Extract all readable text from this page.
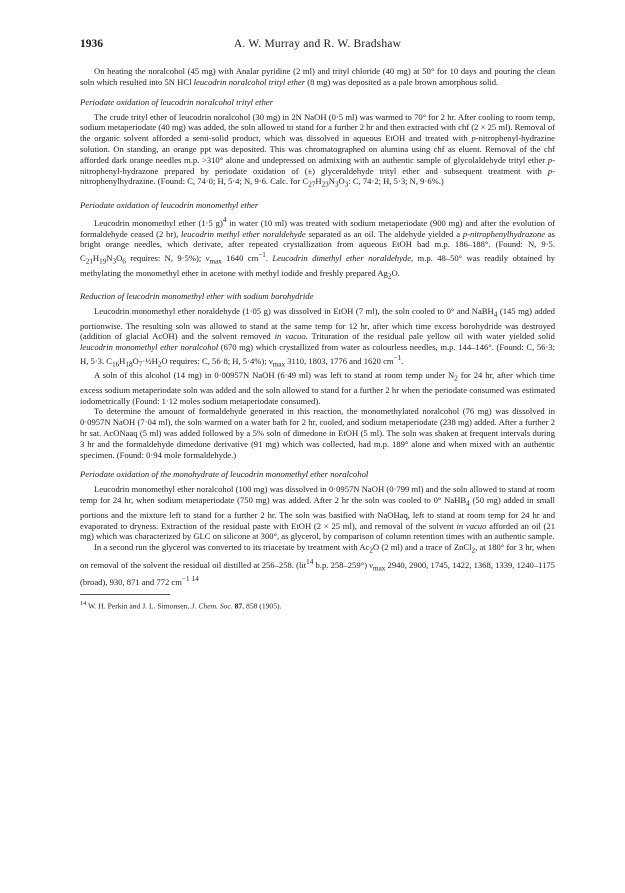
1936	A. W. Murray and R. W. Bradshaw

On heating the noralcohol (45 mg) with Analar pyridine (2 ml) and trityl chloride (40 mg) at 50° for 10 days and pouring the clean soln which resulted into 5N HCl leucodrin noralcohol trityl ether (8 mg) was deposited as a pale brown amorphous solid.

Periodate oxidation of leucodrin noralcohol trityl ether

The crude trityl ether of leucodrin noralcohol (30 mg) in 2N NaOH (0·5 ml) was warmed to 70° for 2 hr. After cooling to room temp, sodium metaperiodate (40 mg) was added, the soln allowed to stand for a further 2 hr and then extracted with chf (2 × 25 ml). Removal of the organic solvent afforded a semi-solid product, which was dissolved in aqueous EtOH and treated with p-nitrophenyl-hydrazine solution. On standing, an orange ppt was deposited. This was chromatographed on alumina using chf as eluent. Removal of the chf afforded dark orange needles m.p. >310° alone and undepressed on admixing with an authentic sample of glycolaldehyde trityl ether p-nitrophenyl-hydrazone prepared by periodate oxidation of (±) glyceraldehyde trityl ether and subsequent treatment with p-nitrophenylhydrazine. (Found: C, 74·0; H, 5·4; N, 9·6. Calc. for $C_{27}H_{23}N_3O_3$: C, 74·2; H, 5·3; N, 9·6%.)

Periodate oxidation of leucodrin monomethyl ether

Leucodrin monomethyl ether (1·5 g)$^4$ in water (10 ml) was treated with sodium metaperiodate (900 mg) and after the evolution of formaldehyde ceased (2 hr), leucodrin methyl ether noraldehyde separated as an oil. The aldehyde yielded a p-nitrophenylhydrazone as bright orange needles, which derivate, after repeated crystallization from aqueous EtOH had m.p. 186–188°. (Found: N, 9·5. $C_{21}H_{19}N_3O_6$ requires: N, 9·5%); $\nu_{max}$ 1640 $cm^{-1}$. Leucodrin dimethyl ether noraldehyde, m.p. 48–50° was readily obtained by methylating the monomethyl ether in acetone with methyl iodide and freshly prepared $Ag_2O$.

Reduction of leucodrin monomethyl ether with sodium borohydride

Leucodrin monomethyl ether noraldehyde (1·05 g) was dissolved in EtOH (7 ml), the soln cooled to 0° and NaBH$_4$ (145 mg) added portionwise. The resulting soln was allowed to stand at the same temp for 12 hr, after which time excess borohydride was destroyed (addition of glacial AcOH) and the solvent removed in vacuo. Trituration of the residual pale yellow oil with water yielded solid leucodrin monomethyl ether noralcohol (670 mg) which crystallized from water as colourless needles, m.p. 144–146°. (Found: C, 56·3; H, 5·3. $C_{16}H_{18}O_7\cdot\frac{1}{2}H_2O$ requires: C, 56·8; H, 5·4%); $\nu_{max}$ 3110, 1803, 1776 and 1620 $cm^{-1}$.

A soln of this alcohol (14 mg) in 0·00957N NaOH (6·49 ml) was left to stand at room temp under $N_2$ for 24 hr, after which time excess sodium metaperiodate soln was added and the soln allowed to stand for a further 2 hr when the periodate consumed was estimated iodometrically (Found: 1·12 moles sodium metaperiodate consumed).

To determine the amount of formaldehyde generated in this reaction, the monomethylated noralcohol (76 mg) was dissolved in 0·0957N NaOH (7·04 ml), the soln warmed on a water bath for 2 hr, cooled, and sodium metaperiodate (238 mg) added. After a further 2 hr sat. AcONaaq (5 ml) was added followed by a 5% soln of dimedone in EtOH (5 ml). The soln was shaken at frequent intervals during 3 hr and the formaldehyde dimedone derivative (91 mg) which was collected, had m.p. 189° alone and when mixed with an authentic specimen. (Found: 0·94 mole formaldehyde.)

Periodate oxidation of the monohydrate of leucodrin monomethyl ether noralcohol

Leucodrin monomethyl ether noralcohol (100 mg) was dissolved in 0·0957N NaOH (0·799 ml) and the soln allowed to stand at room temp for 24 hr, when sodium metaperiodate (750 mg) was added. After 2 hr the soln was cooled to 0° NaHB$_4$ (50 mg) added in small portions and the mixture left to stand for a further 2 hr. The soln was basified with NaOHaq, left to stand at room temp for 24 hr and evaporated to dryness. Extraction of the residual paste with EtOH (2 × 25 ml), and removal of the solvent in vacuo afforded an oil (21 mg) which was characterized by GLC on silicone at 300°, as glycerol, by comparison of column retention times with an authentic sample.

In a second run the glycerol was converted to its triacetate by treatment with $Ac_2O$ (2 ml) and a trace of ZnCl$_2$, at 180° for 3 hr, when on removal of the solvent the residual oil distilled at 256–258. (lit$^{14}$ b.p. 258–259°) $\nu_{max}$ 2940, 2900, 1745, 1422, 1368, 1339, 1240–1175 (broad), 930, 871 and 772 $cm^{-1}$ $^{14}$

$^{14}$ W. H. Perkin and J. L. Simonsen, J. Chem. Soc. 87, 858 (1905).
